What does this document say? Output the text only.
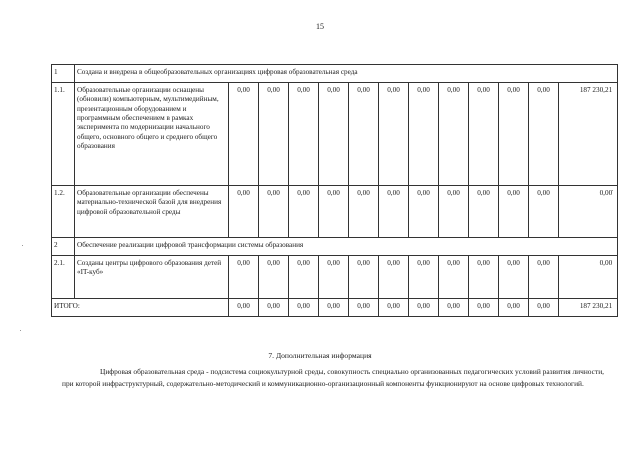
15
1	Создана и внедрена в общеобразовательных организациях цифровая образовательная среда												
1.1.	Образовательные организации оснащены (обновили) компьютерным, мультимедийным, презентационным оборудованием и программным обеспечением в рамках эксперимента по модернизации начального общего, основного общего и среднего общего образования	0,00	0,00	0,00	0,00	0,00	0,00	0,00	0,00	0,00	0,00	0,00	187 230,21
1.2.	Образовательные организации обеспечены материально-технической базой для внедрения цифровой образовательной среды	0,00	0,00	0,00	0,00	0,00	0,00	0,00	0,00	0,00	0,00	0,00	0,00
2	Обеспечение реализации цифровой трансформации системы образования												
2.1.	Созданы центры цифрового образования детей «IT-куб»	0,00	0,00	0,00	0,00	0,00	0,00	0,00	0,00	0,00	0,00	0,00	0,00
ИТОГО:		0,00	0,00	0,00	0,00	0,00	0,00	0,00	0,00	0,00	0,00	0,00	187 230,21
7. Дополнительная информация
Цифровая образовательная среда - подсистема социокультурной среды, совокупность специально организованных педагогических условий развития личности, при которой инфраструктурный, содержательно-методический и коммуникационно-организационный компоненты функционируют на основе цифровых технологий.
